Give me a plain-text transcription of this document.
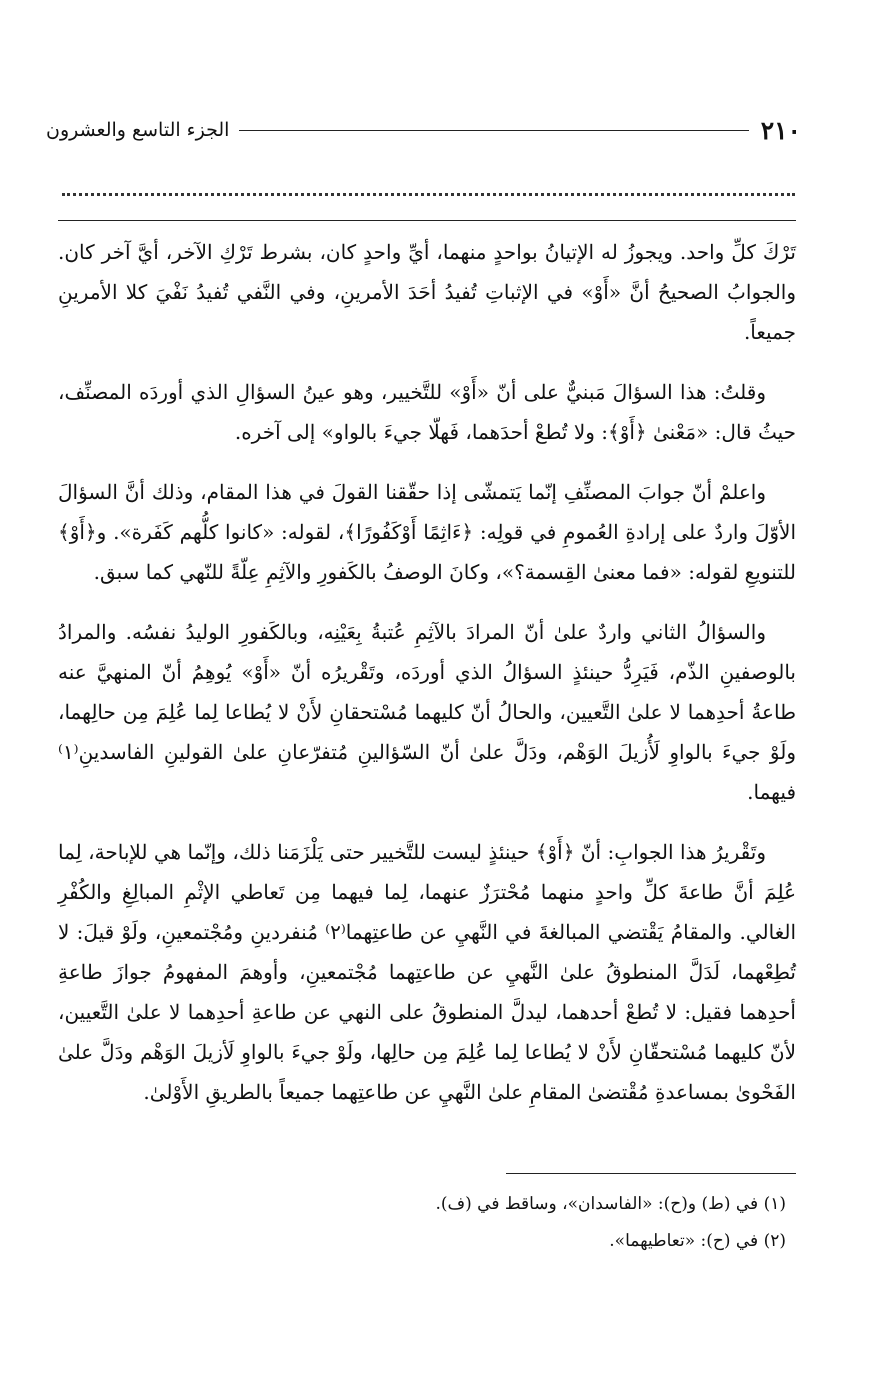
٢١٠
الجزء التاسع والعشرون

تَرْكَ كلِّ واحد. ويجوزُ له الإتيانُ بواحدٍ منهما، أيِّ واحدٍ كان، بشرط تَرْكِ الآخر، أيَّ آخر كان. والجوابُ الصحيحُ أنَّ «أَوْ» في الإثباتِ تُفيدُ أحَدَ الأمرينِ، وفي النَّفي تُفيدُ نَفْيَ كلا الأمرينِ جميعاً.

وقلتُ: هذا السؤالَ مَبنيٌّ على أنّ «أَوْ» للتَّخيير، وهو عينُ السؤالِ الذي أوردَه المصنِّف، حيثُ قال: «مَعْنىٰ ﴿أَوْ﴾: ولا تُطعْ أحدَهما، فَهلّا جيءَ بالواو» إلى آخره.

واعلمْ أنّ جوابَ المصنِّفِ إنّما يَتمشّى إذا حقّقنا القولَ في هذا المقام، وذلك أنَّ السؤالَ الأوّلَ واردٌ على إرادةِ العُمومِ في قولِه: ﴿ءَاثِمًا أَوْكَفُورًا﴾، لقوله: «كانوا كلُّهم كَفَرة». و﴿أَوْ﴾ للتنويعِ لقوله: «فما معنىٰ القِسمة؟»، وكانَ الوصفُ بالكَفورِ والآثِمِ عِلّةً للنّهي كما سبق.

والسؤالُ الثاني واردٌ علىٰ أنّ المرادَ بالآثِمِ عُتبةُ بِعَيْنِه، وبالكَفورِ الوليدُ نفسُه. والمرادُ بالوصفينِ الذّم، فَيَرِدُّ حينئذٍ السؤالُ الذي أوردَه، وتَقْريرُه أنّ «أَوْ» يُوهِمُ أنّ المنهيَّ عنه طاعةُ أحدِهما لا علىٰ التَّعيين، والحالُ أنّ كليهما مُسْتحقانِ لأَنْ لا يُطاعا لِما عُلِمَ مِن حالِهما، ولَوْ جيءَ بالواوِ لَأُزيلَ الوَهْم، ودَلَّ علىٰ أنّ السّؤالينِ مُتفرّعانِ علىٰ القولينِ الفاسدينِ⁽١⁾ فيهما.

وتَقْريرُ هذا الجوابِ: أنّ ﴿أَوْ﴾ حينئذٍ ليست للتَّخيير حتى يَلْزَمَنا ذلك، وإنّما هي للإباحة، لِما عُلِمَ أنَّ طاعةَ كلِّ واحدٍ منهما مُحْترَزٌ عنهما، لِما فيهما مِن تَعاطي الإثْمِ المبالِغِ والكُفْرِ الغالي. والمقامُ يَقْتضي المبالغةَ في النَّهيِ عن طاعتِهما⁽٢⁾ مُنفردينِ ومُجْتمعينِ، ولَوْ قيلَ: لا تُطِعْهما، لَدَلَّ المنطوقُ علىٰ النَّهيِ عن طاعتِهما مُجْتمعينِ، وأوهمَ المفهومُ جوازَ طاعةِ أحدِهما فقيل: لا تُطعْ أحدهما، ليدلَّ المنطوقُ على النهي عن طاعةِ أحدِهما لا علىٰ التَّعيين، لأنّ كليهما مُسْتحقّانِ لأَنْ لا يُطاعا لِما عُلِمَ مِن حالِها، ولَوْ جيءَ بالواوِ لَأزيلَ الوَهْم ودَلَّ علىٰ الفَحْوىٰ بمساعدةِ مُقْتضىٰ المقامِ علىٰ النَّهيِ عن طاعتِهما جميعاً بالطريقِ الأَوْلىٰ.

(١) في (ط) و(ح): «الفاسدان»، وساقط في (ف).
(٢) في (ح): «تعاطيهما».
